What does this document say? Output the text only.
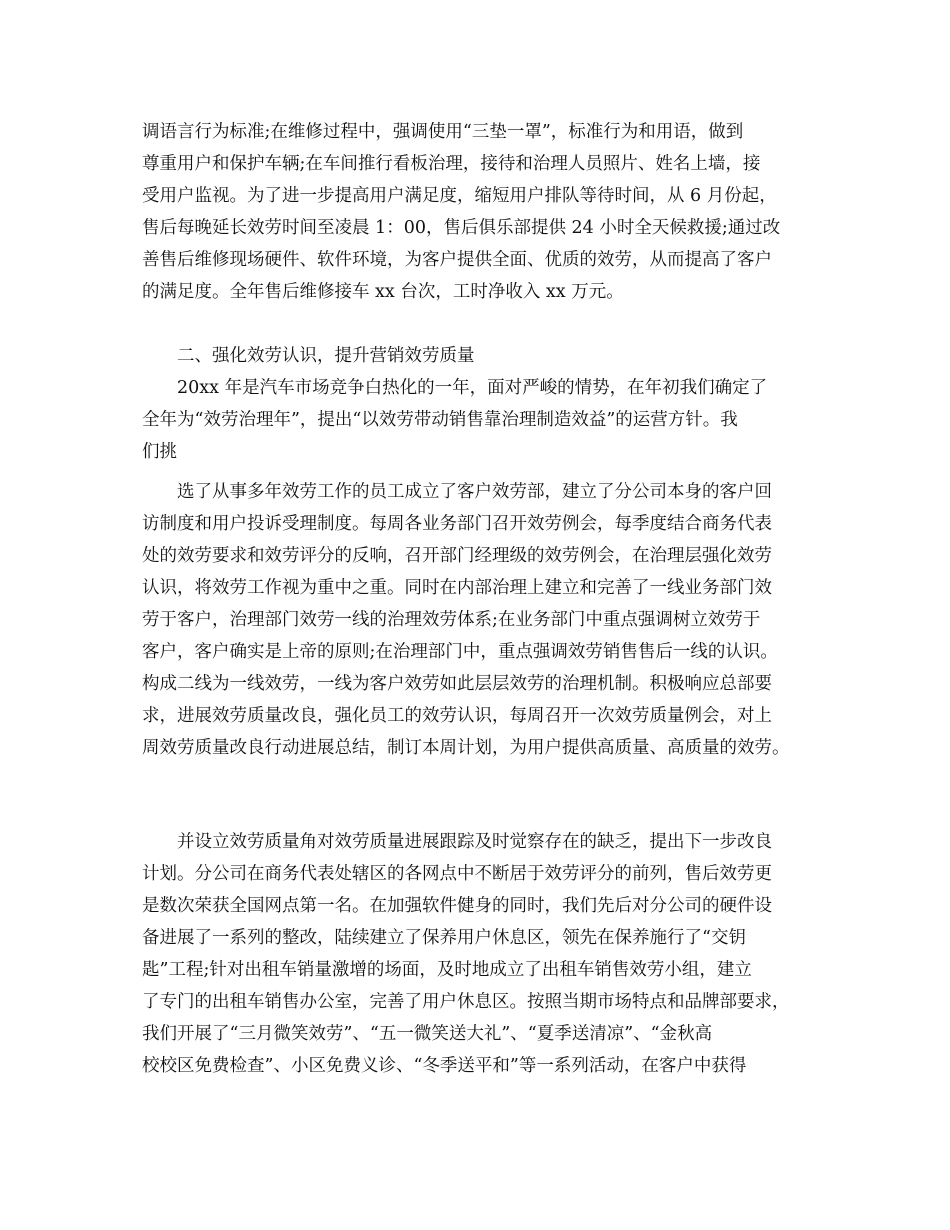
调语言行为标准;在维修过程中，强调使用“三垫一罩”，标准行为和用语，做到
尊重用户和保护车辆;在车间推行看板治理，接待和治理人员照片、姓名上墙，接
受用户监视。为了进一步提高用户满足度，缩短用户排队等待时间，从 6 月份起，
售后每晚延长效劳时间至凌晨 1：00，售后俱乐部提供 24 小时全天候救援;通过改
善售后维修现场硬件、软件环境，为客户提供全面、优质的效劳，从而提高了客户
的满足度。全年售后维修接车 xx 台次，工时净收入 xx 万元。
二、强化效劳认识，提升营销效劳质量
20xx 年是汽车市场竞争白热化的一年，面对严峻的情势，在年初我们确定了
全年为“效劳治理年”，提出“以效劳带动销售靠治理制造效益”的运营方针。我
们挑
选了从事多年效劳工作的员工成立了客户效劳部，建立了分公司本身的客户回
访制度和用户投诉受理制度。每周各业务部门召开效劳例会，每季度结合商务代表
处的效劳要求和效劳评分的反响，召开部门经理级的效劳例会，在治理层强化效劳
认识，将效劳工作视为重中之重。同时在内部治理上建立和完善了一线业务部门效
劳于客户，治理部门效劳一线的治理效劳体系;在业务部门中重点强调树立效劳于
客户，客户确实是上帝的原则;在治理部门中，重点强调效劳销售售后一线的认识。
构成二线为一线效劳，一线为客户效劳如此层层效劳的治理机制。积极响应总部要
求，进展效劳质量改良，强化员工的效劳认识，每周召开一次效劳质量例会，对上
周效劳质量改良行动进展总结，制订本周计划，为用户提供高质量、高质量的效劳。
并设立效劳质量角对效劳质量进展跟踪及时觉察存在的缺乏，提出下一步改良
计划。分公司在商务代表处辖区的各网点中不断居于效劳评分的前列，售后效劳更
是数次荣获全国网点第一名。在加强软件健身的同时，我们先后对分公司的硬件设
备进展了一系列的整改，陆续建立了保养用户休息区，领先在保养施行了“交钥
匙”工程;针对出租车销量激增的场面，及时地成立了出租车销售效劳小组，建立
了专门的出租车销售办公室，完善了用户休息区。按照当期市场特点和品牌部要求，
我们开展了“三月微笑效劳”、“五一微笑送大礼”、“夏季送清凉”、“金秋高
校校区免费检查”、小区免费义诊、“冬季送平和”等一系列活动，在客户中获得
